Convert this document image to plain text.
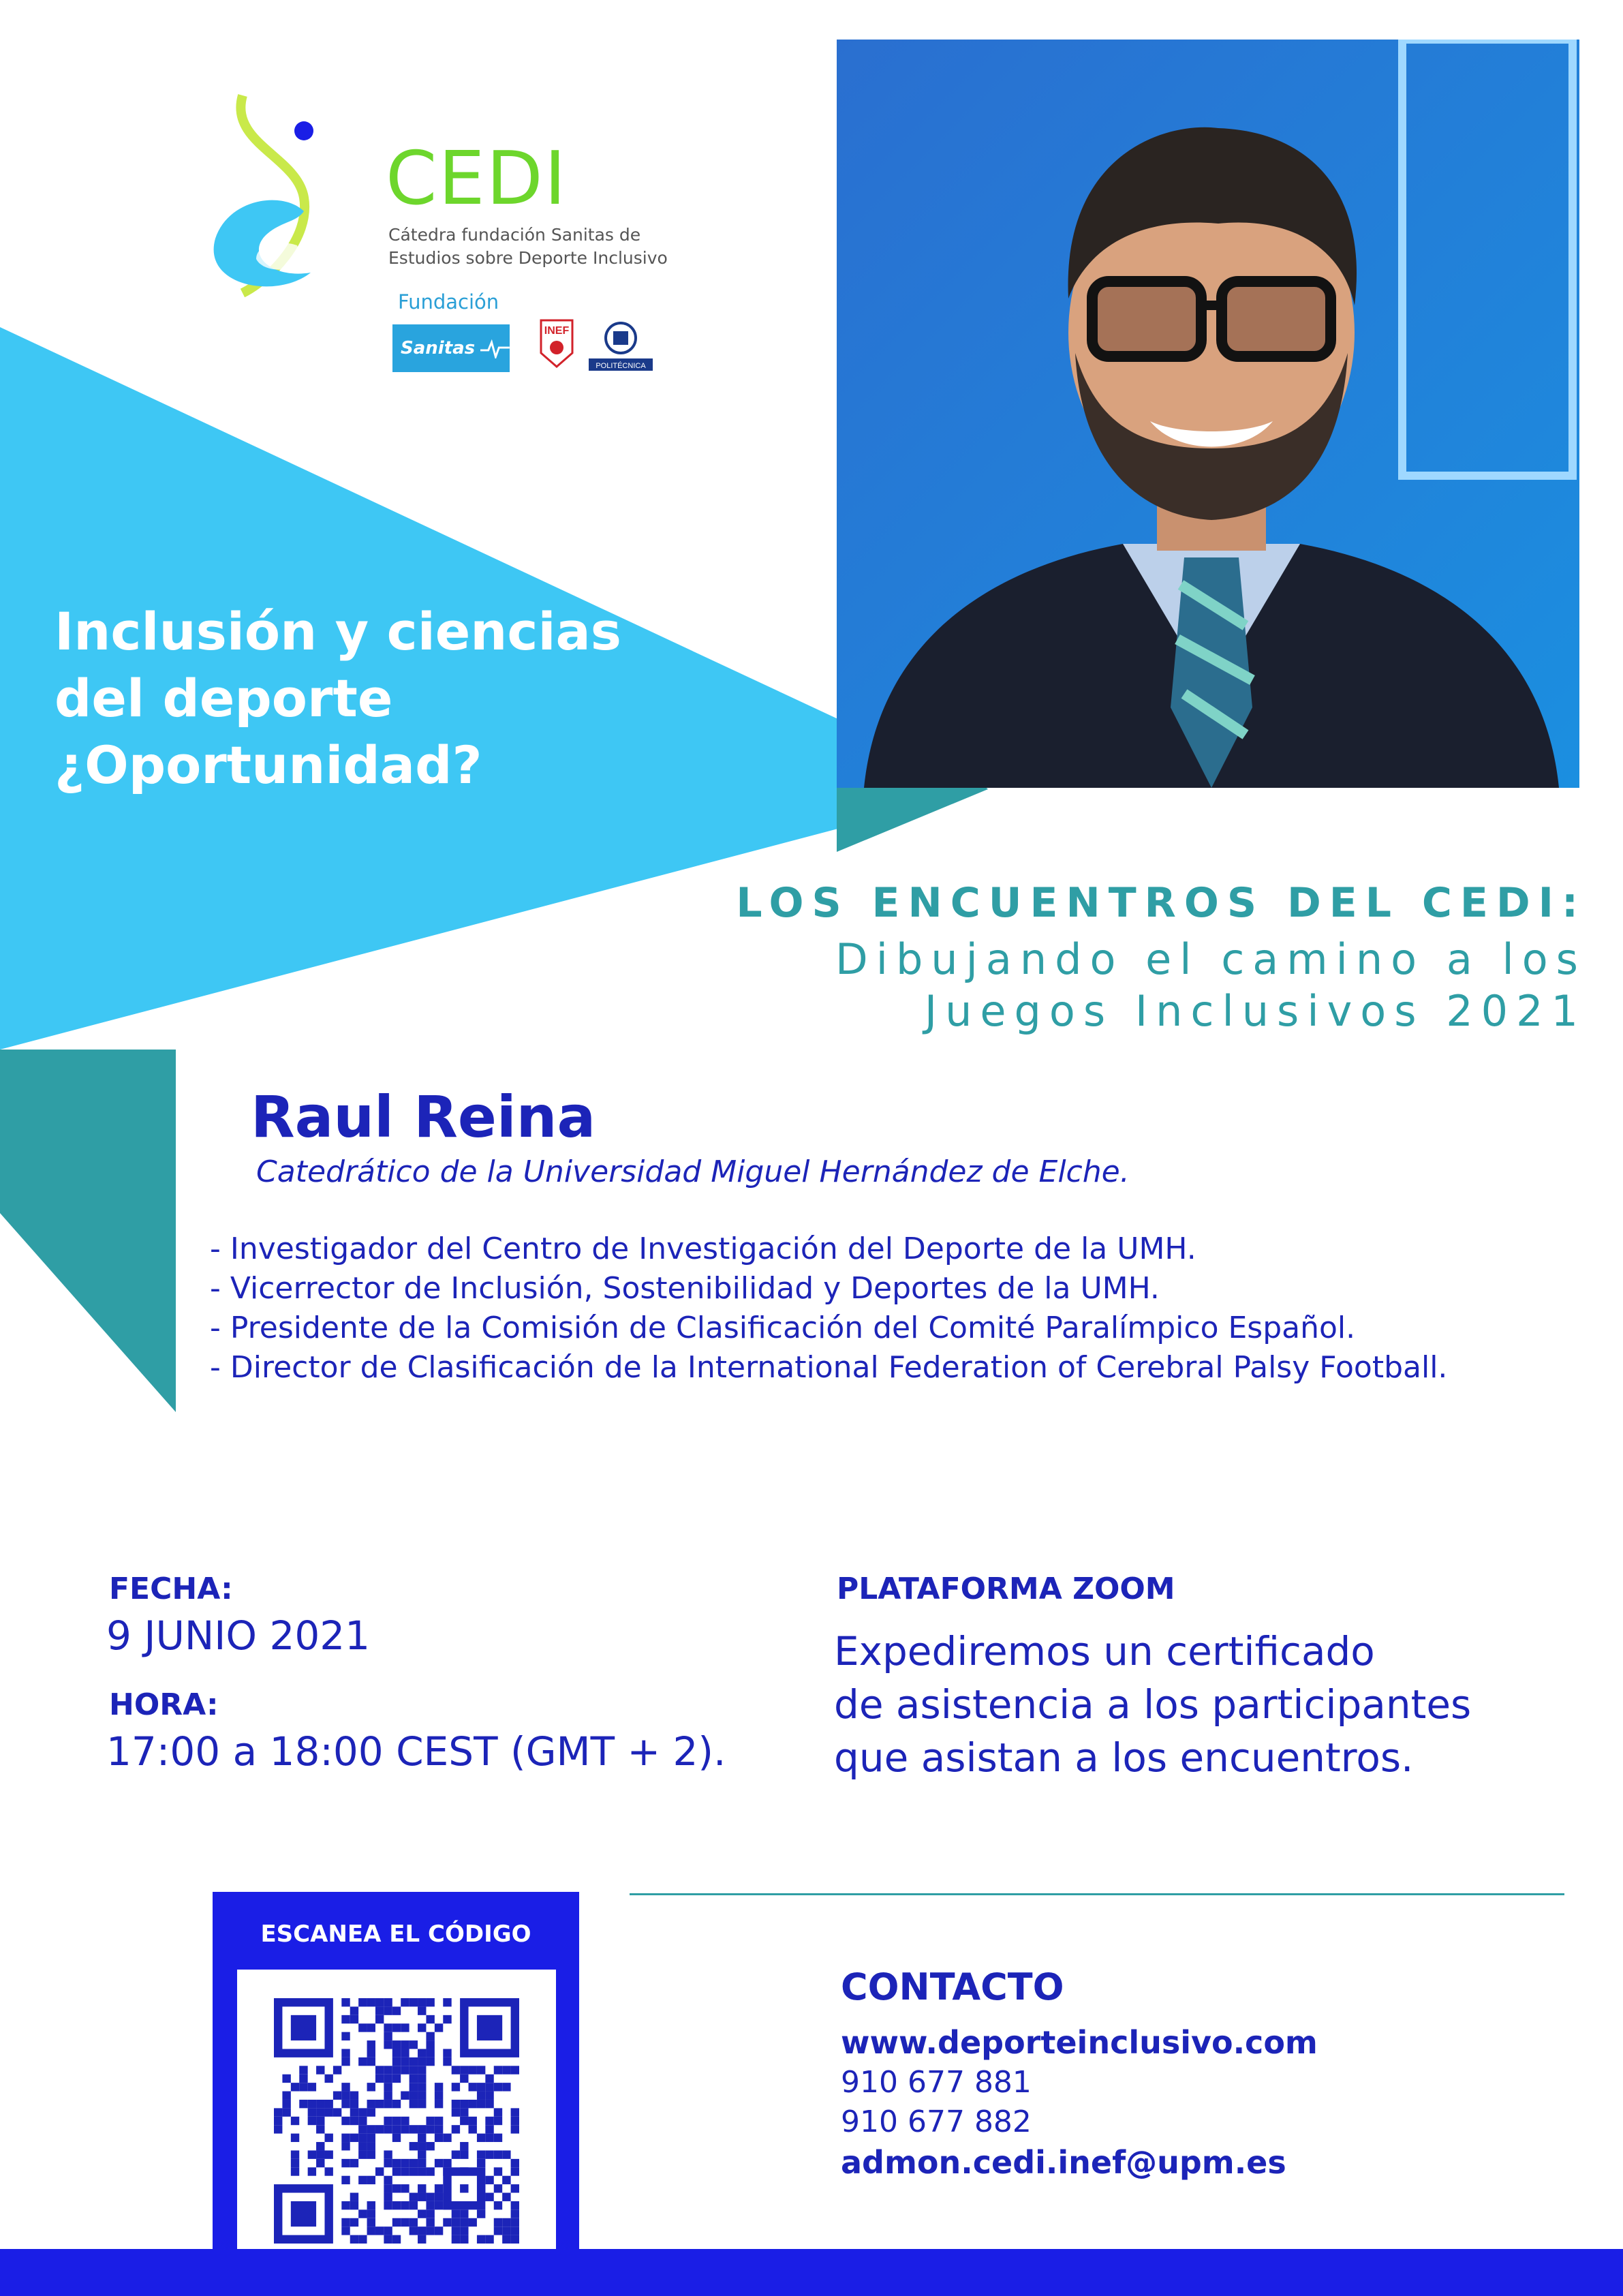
CEDI
Cátedra fundación Sanitas de
Estudios sobre Deporte Inclusivo
Fundación
Sanitas
INEF
POLITÉCNICA
Inclusión y ciencias
del deporte
¿Oportunidad?
LOS ENCUENTROS DEL CEDI:
Dibujando el camino a los
Juegos Inclusivos 2021
Raul Reina
Catedrático de la Universidad Miguel Hernández de Elche.
- Investigador del Centro de Investigación del Deporte de la UMH.
- Vicerrector de Inclusión, Sostenibilidad y Deportes de la UMH.
- Presidente de la Comisión de Clasificación del Comité Paralímpico Español.
- Director de Clasificación de la International Federation of Cerebral Palsy Football.
FECHA:
9 JUNIO 2021
HORA:
17:00 a 18:00 CEST (GMT + 2).
PLATAFORMA ZOOM
Expediremos un certificado
de asistencia a los participantes
que asistan a los encuentros.
ESCANEA EL CÓDIGO
CONTACTO
www.deporteinclusivo.com
910 677 881
910 677 882
admon.cedi.inef@upm.es
